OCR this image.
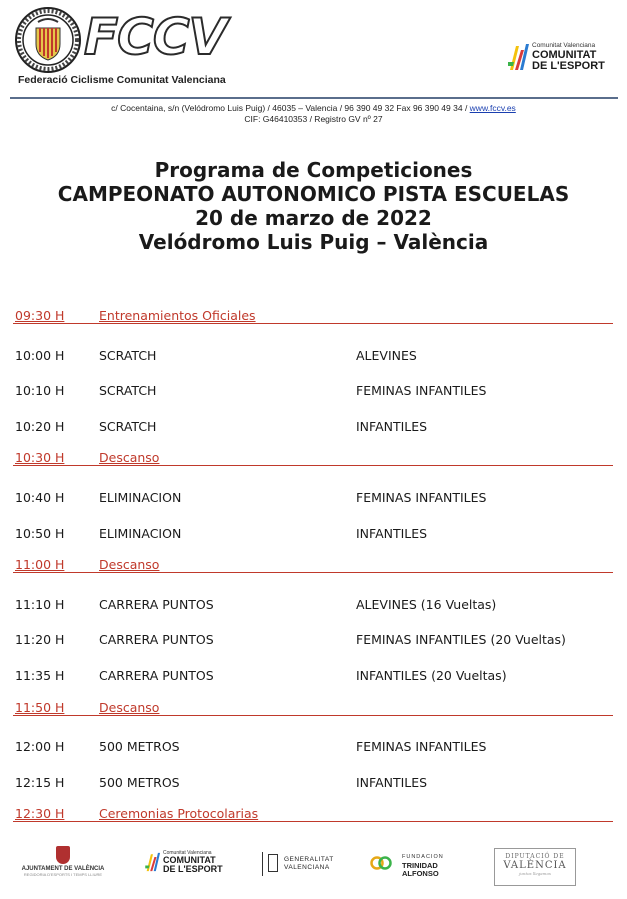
FCCV
Federació Ciclisme Comunitat Valenciana
Comunitat Valenciana
COMUNITAT
DE L'ESPORT
c/ Cocentaina, s/n (Velódromo Luis Puig) / 46035 – Valencia / 96 390 49 32 Fax 96 390 49 34 / www.fccv.es
CIF: G46410353 / Registro GV nº 27
Programa de Competiciones
CAMPEONATO AUTONOMICO PISTA ESCUELAS
20 de marzo de 2022
Velódromo Luis Puig – València
09:30 H	Entrenamientos Oficiales
10:00 H	SCRATCH	ALEVINES
10:10 H	SCRATCH	FEMINAS INFANTILES
10:20 H	SCRATCH	INFANTILES
10:30 H	Descanso
10:40 H	ELIMINACION	FEMINAS INFANTILES
10:50 H	ELIMINACION	INFANTILES
11:00 H	Descanso
11:10 H	CARRERA PUNTOS	ALEVINES (16 Vueltas)
11:20 H	CARRERA PUNTOS	FEMINAS INFANTILES (20 Vueltas)
11:35 H	CARRERA PUNTOS	INFANTILES (20 Vueltas)
11:50 H	Descanso
12:00 H	500 METROS	FEMINAS INFANTILES
12:15 H	500 METROS	INFANTILES
12:30 H	Ceremonias Protocolarias
AJUNTAMENT DE VALÈNCIA
REGIDORIA D'ESPORTS I TEMPS LLIURE
Comunitat Valenciana
COMUNITAT
DE L'ESPORT
GENERALITAT
VALENCIANA
FUNDACION
TRINIDAD
ALFONSO
DIPUTACIÓ DE
VALÈNCIA
juntos llegamos
